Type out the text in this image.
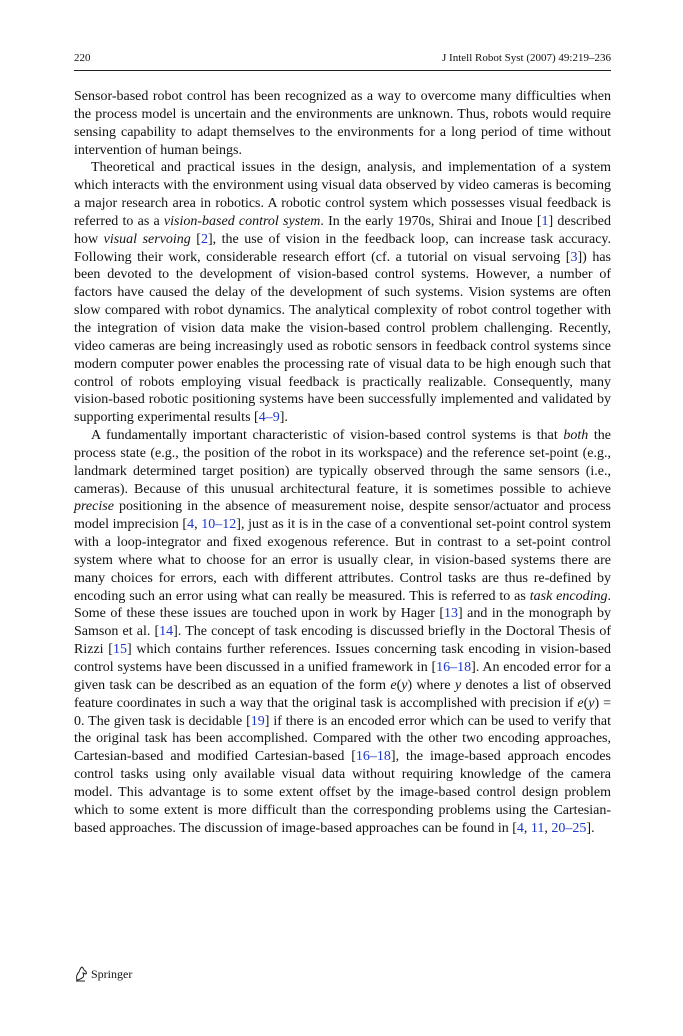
220	J Intell Robot Syst (2007) 49:219–236

Sensor-based robot control has been recognized as a way to overcome many difficulties when the process model is uncertain and the environments are unknown. Thus, robots would require sensing capability to adapt themselves to the environments for a long period of time without intervention of human beings.

Theoretical and practical issues in the design, analysis, and implementation of a system which interacts with the environment using visual data observed by video cameras is becoming a major research area in robotics. A robotic control system which possesses visual feedback is referred to as a vision-based control system. In the early 1970s, Shirai and Inoue [1] described how visual servoing [2], the use of vision in the feedback loop, can increase task accuracy. Following their work, considerable research effort (cf. a tutorial on visual servoing [3]) has been devoted to the development of vision-based control systems. However, a number of factors have caused the delay of the development of such systems. Vision systems are often slow compared with robot dynamics. The analytical complexity of robot control together with the integration of vision data make the vision-based control problem challenging. Recently, video cameras are being increasingly used as robotic sensors in feedback control systems since modern computer power enables the processing rate of visual data to be high enough such that control of robots employing visual feedback is practically realizable. Consequently, many vision-based robotic positioning systems have been successfully implemented and validated by supporting experimental results [4–9].

A fundamentally important characteristic of vision-based control systems is that both the process state (e.g., the position of the robot in its workspace) and the reference set-point (e.g., landmark determined target position) are typically observed through the same sensors (i.e., cameras). Because of this unusual architectural feature, it is sometimes possible to achieve precise positioning in the absence of measurement noise, despite sensor/actuator and process model imprecision [4, 10–12], just as it is in the case of a conventional set-point control system with a loop-integrator and fixed exogenous reference. But in contrast to a set-point control system where what to choose for an error is usually clear, in vision-based systems there are many choices for errors, each with different attributes. Control tasks are thus re-defined by encoding such an error using what can really be measured. This is referred to as task encoding. Some of these these issues are touched upon in work by Hager [13] and in the monograph by Samson et al. [14]. The concept of task encoding is discussed briefly in the Doctoral Thesis of Rizzi [15] which contains further references. Issues concerning task encoding in vision-based control systems have been discussed in a unified framework in [16–18]. An encoded error for a given task can be described as an equation of the form e(y) where y denotes a list of observed feature coordinates in such a way that the original task is accomplished with precision if e(y) = 0. The given task is decidable [19] if there is an encoded error which can be used to verify that the original task has been accomplished. Compared with the other two encoding approaches, Cartesian-based and modified Cartesian-based [16–18], the image-based approach encodes control tasks using only available visual data without requiring knowledge of the camera model. This advantage is to some extent offset by the image-based control design problem which to some extent is more difficult than the corresponding problems using the Cartesian-based approaches. The discussion of image-based approaches can be found in [4, 11, 20–25].

Springer
